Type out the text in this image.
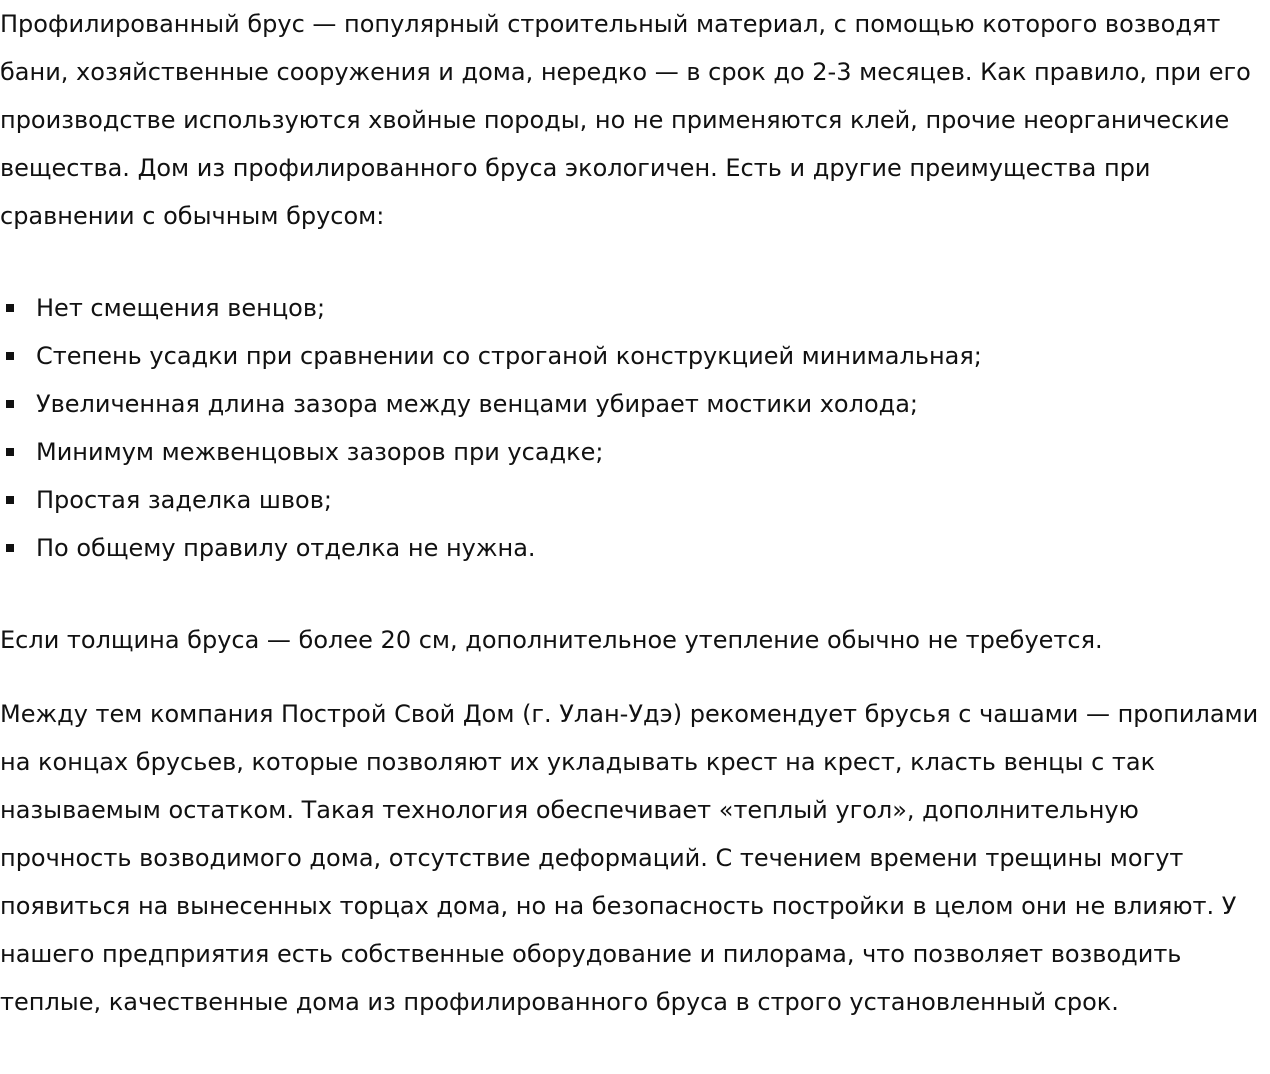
Профилированный брус — популярный строительный материал, с помощью которого возводят бани, хозяйственные сооружения и дома, нередко — в срок до 2-3 месяцев. Как правило, при его производстве используются хвойные породы, но не применяются клей, прочие неорганические вещества. Дом из профилированного бруса экологичен. Есть и другие преимущества при сравнении с обычным брусом:

Нет смещения венцов;
Степень усадки при сравнении со строганой конструкцией минимальная;
Увеличенная длина зазора между венцами убирает мостики холода;
Минимум межвенцовых зазоров при усадке;
Простая заделка швов;
По общему правилу отделка не нужна.

Если толщина бруса — более 20 см, дополнительное утепление обычно не требуется.

Между тем компания Построй Свой Дом (г. Улан-Удэ) рекомендует брусья с чашами — пропилами на концах брусьев, которые позволяют их укладывать крест на крест, класть венцы с так называемым остатком. Такая технология обеспечивает «теплый угол», дополнительную прочность возводимого дома, отсутствие деформаций. С течением времени трещины могут появиться на вынесенных торцах дома, но на безопасность постройки в целом они не влияют. У нашего предприятия есть собственные оборудование и пилорама, что позволяет возводить теплые, качественные дома из профилированного бруса в строго установленный срок.
